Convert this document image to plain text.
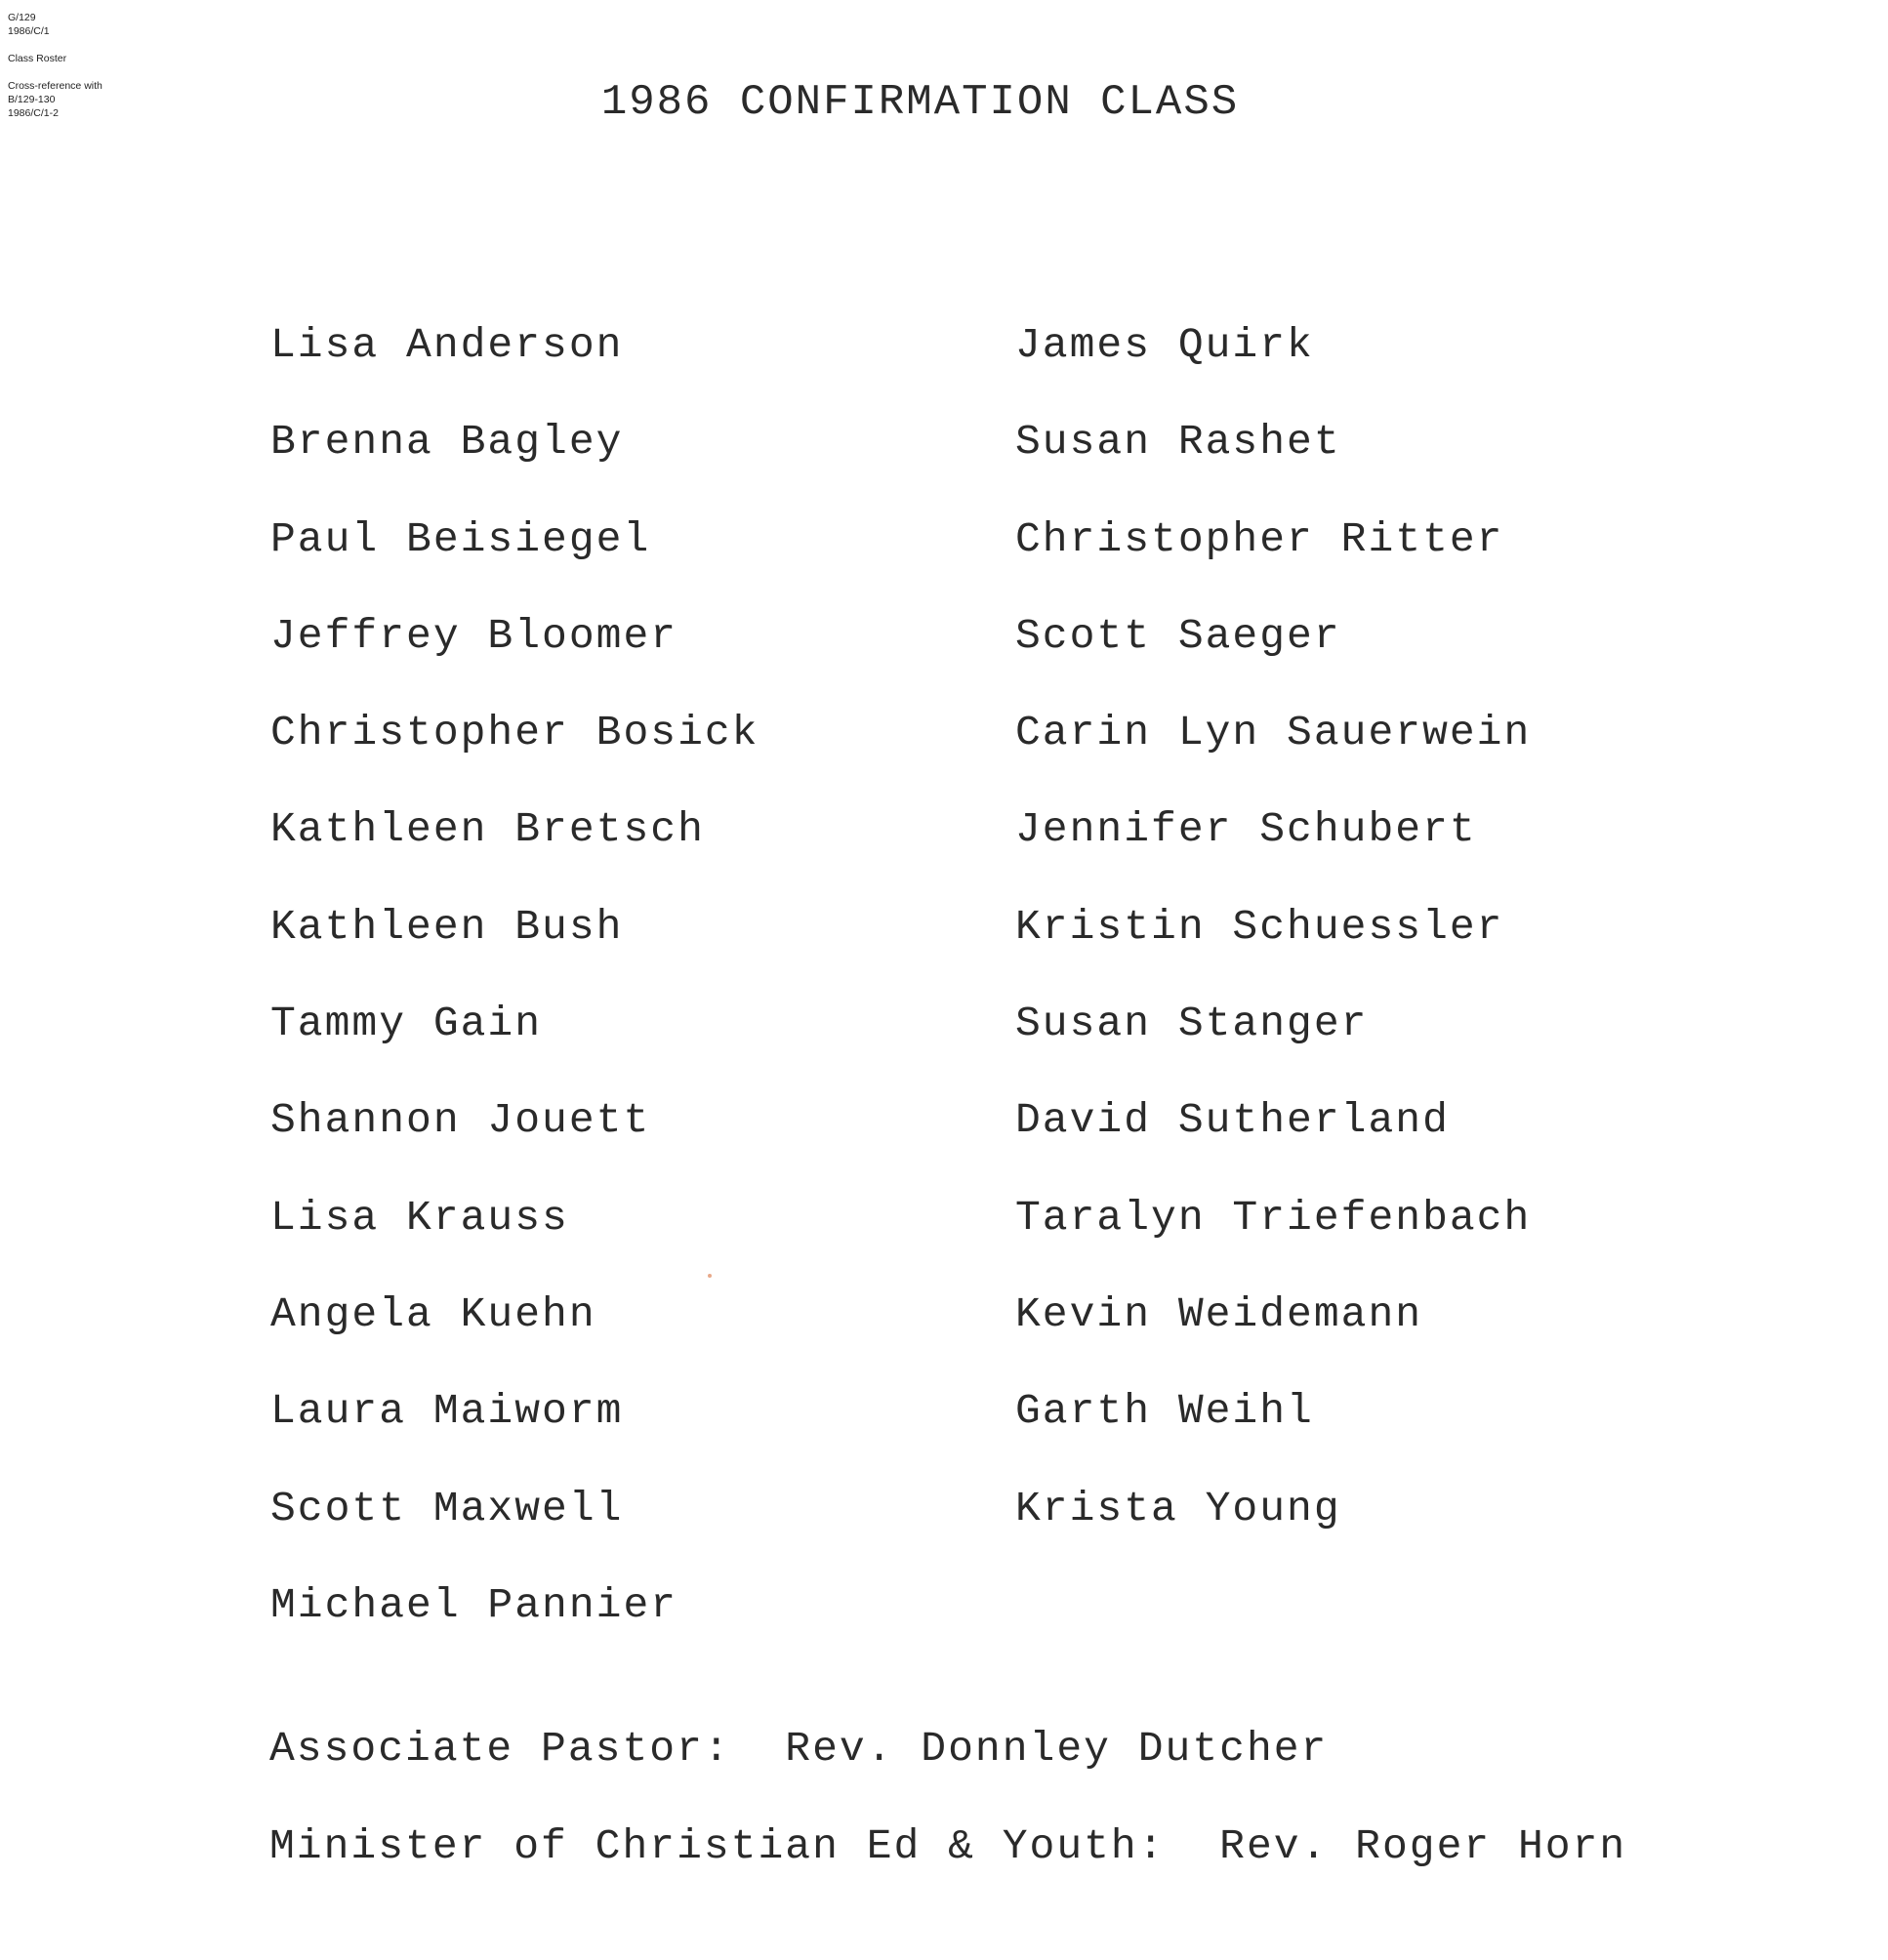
G/129
1986/C/1
Class Roster
Cross-reference with
B/129-130
1986/C/1-2	1986 CONFIRMATION CLASS
Lisa Anderson
Brenna Bagley
Paul Beisiegel
Jeffrey Bloomer
Christopher Bosick
Kathleen Bretsch
Kathleen Bush
Tammy Gain
Shannon Jouett
Lisa Krauss
Angela Kuehn
Laura Maiworm
Scott Maxwell
Michael Pannier
James Quirk
Susan Rashet
Christopher Ritter
Scott Saeger
Carin Lyn Sauerwein
Jennifer Schubert
Kristin Schuessler
Susan Stanger
David Sutherland
Taralyn Triefenbach
Kevin Weidemann
Garth Weihl
Krista Young
Associate Pastor: Rev. Donnley Dutcher
Minister of Christian Ed & Youth: Rev. Roger Horn
